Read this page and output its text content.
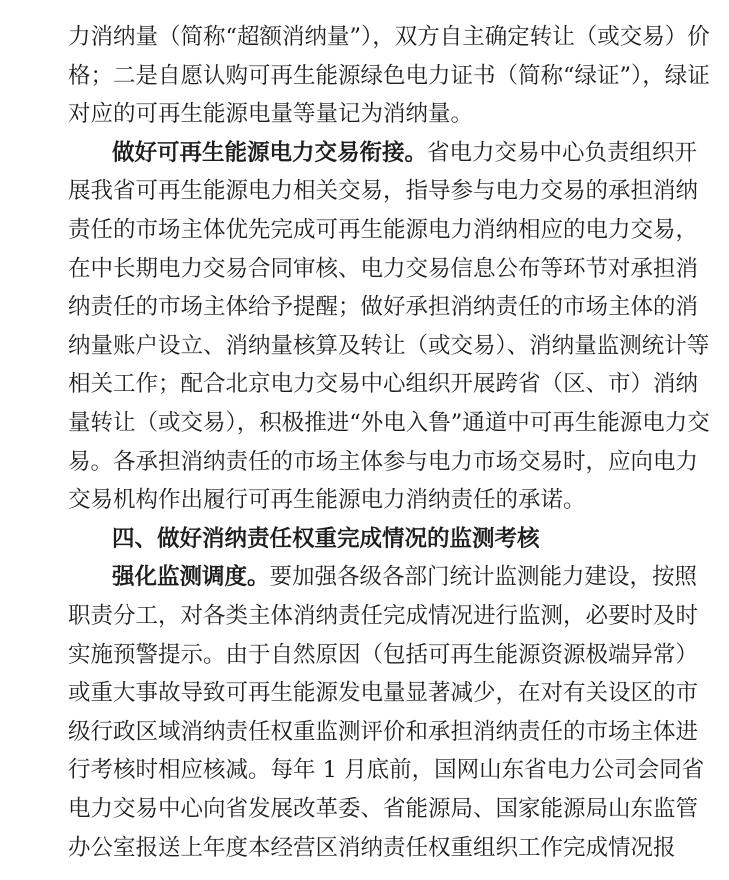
力消纳量（简称“超额消纳量”），双方自主确定转让（或交易）价
格；二是自愿认购可再生能源绿色电力证书（简称“绿证”），绿证
对应的可再生能源电量等量记为消纳量。
做好可再生能源电力交易衔接。省电力交易中心负责组织开
展我省可再生能源电力相关交易，指导参与电力交易的承担消纳
责任的市场主体优先完成可再生能源电力消纳相应的电力交易，
在中长期电力交易合同审核、电力交易信息公布等环节对承担消
纳责任的市场主体给予提醒；做好承担消纳责任的市场主体的消
纳量账户设立、消纳量核算及转让（或交易）、消纳量监测统计等
相关工作；配合北京电力交易中心组织开展跨省（区、市）消纳
量转让（或交易），积极推进“外电入鲁”通道中可再生能源电力交
易。各承担消纳责任的市场主体参与电力市场交易时，应向电力
交易机构作出履行可再生能源电力消纳责任的承诺。
四、做好消纳责任权重完成情况的监测考核
强化监测调度。要加强各级各部门统计监测能力建设，按照
职责分工，对各类主体消纳责任完成情况进行监测，必要时及时
实施预警提示。由于自然原因（包括可再生能源资源极端异常）
或重大事故导致可再生能源发电量显著减少，在对有关设区的市
级行政区域消纳责任权重监测评价和承担消纳责任的市场主体进
行考核时相应核减。每年 1 月底前，国网山东省电力公司会同省
电力交易中心向省发展改革委、省能源局、国家能源局山东监管
办公室报送上年度本经营区消纳责任权重组织工作完成情况报
